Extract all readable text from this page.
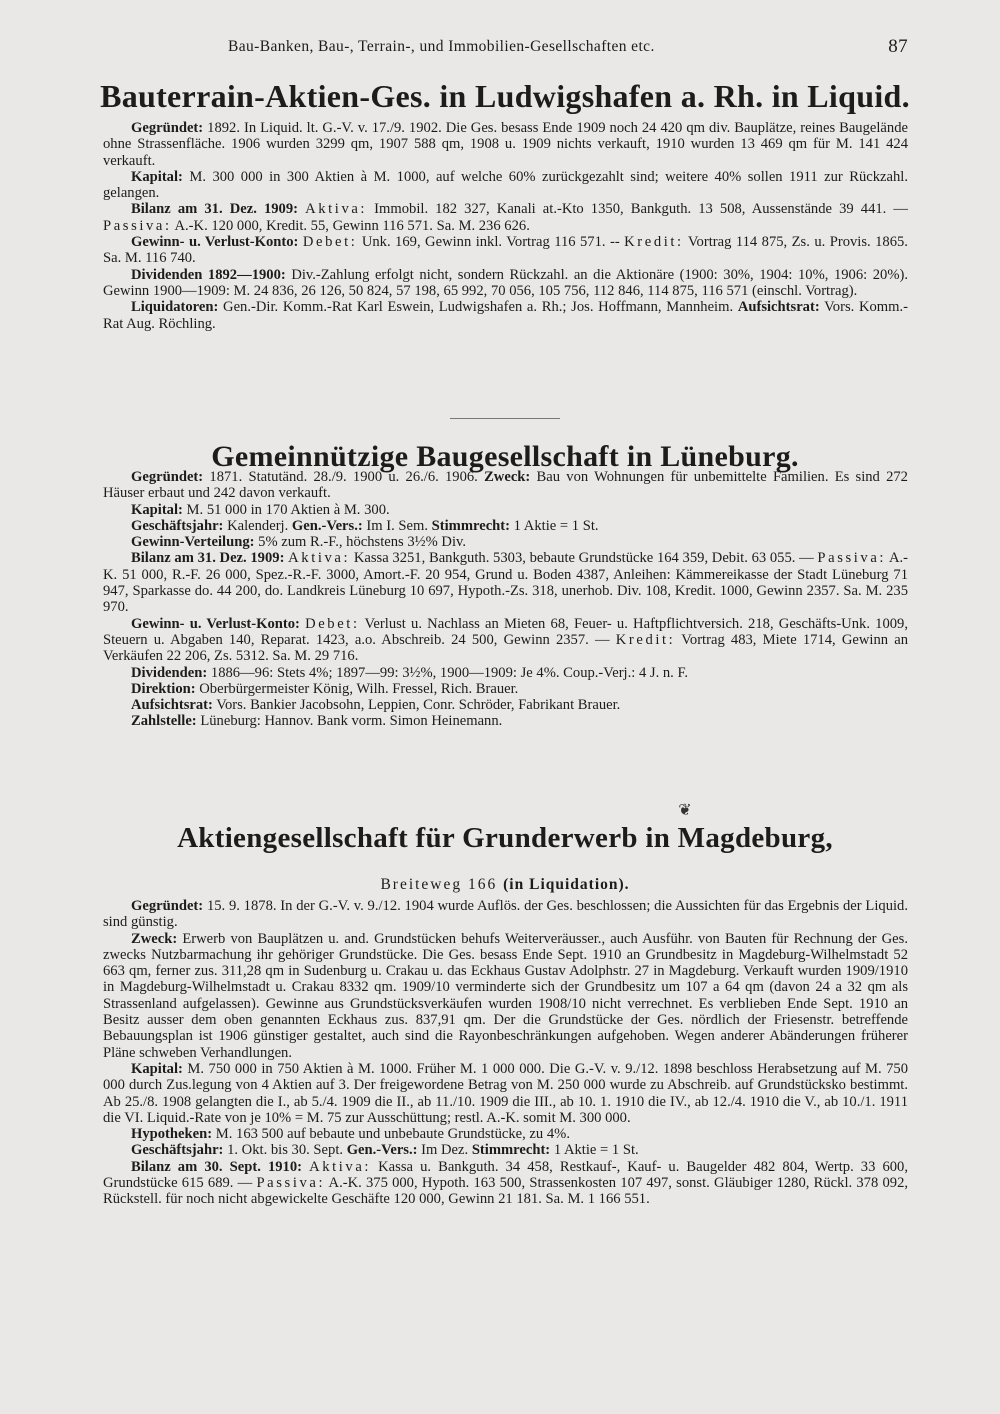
Bau-Banken, Bau-, Terrain-, und Immobilien-Gesellschaften etc.	87
Bauterrain-Aktien-Ges. in Ludwigshafen a. Rh. in Liquid.

Gegründet: 1892. In Liquid. lt. G.-V. v. 17./9. 1902. Die Ges. besass Ende 1909 noch 24 420 qm div. Bauplätze, reines Baugelände ohne Strassenfläche. 1906 wurden 3299 qm, 1907 588 qm, 1908 u. 1909 nichts verkauft, 1910 wurden 13 469 qm für M. 141 424 verkauft.

Kapital: M. 300 000 in 300 Aktien à M. 1000, auf welche 60% zurückgezahlt sind; weitere 40% sollen 1911 zur Rückzahl. gelangen.

Bilanz am 31. Dez. 1909: Aktiva: Immobil. 182 327, Kanali at.-Kto 1350, Bankguth. 13 508, Aussenstände 39 441. — Passiva: A.-K. 120 000, Kredit. 55, Gewinn 116 571. Sa. M. 236 626.

Gewinn- u. Verlust-Konto: Debet: Unk. 169, Gewinn inkl. Vortrag 116 571. -- Kredit: Vortrag 114 875, Zs. u. Provis. 1865. Sa. M. 116 740.

Dividenden 1892—1900: Div.-Zahlung erfolgt nicht, sondern Rückzahl. an die Aktionäre (1900: 30%, 1904: 10%, 1906: 20%). Gewinn 1900—1909: M. 24 836, 26 126, 50 824, 57 198, 65 992, 70 056, 105 756, 112 846, 114 875, 116 571 (einschl. Vortrag).

Liquidatoren: Gen.-Dir. Komm.-Rat Karl Eswein, Ludwigshafen a. Rh.; Jos. Hoffmann, Mannheim. Aufsichtsrat: Vors. Komm.-Rat Aug. Röchling.

Gemeinnützige Baugesellschaft in Lüneburg.

Gegründet: 1871. Statutänd. 28./9. 1900 u. 26./6. 1906. Zweck: Bau von Wohnungen für unbemittelte Familien. Es sind 272 Häuser erbaut und 242 davon verkauft.

Kapital: M. 51 000 in 170 Aktien à M. 300.

Geschäftsjahr: Kalenderj. Gen.-Vers.: Im I. Sem. Stimmrecht: 1 Aktie = 1 St.

Gewinn-Verteilung: 5% zum R.-F., höchstens 3½% Div.

Bilanz am 31. Dez. 1909: Aktiva: Kassa 3251, Bankguth. 5303, bebaute Grundstücke 164 359, Debit. 63 055. — Passiva: A.-K. 51 000, R.-F. 26 000, Spez.-R.-F. 3000, Amort.-F. 20 954, Grund u. Boden 4387, Anleihen: Kämmereikasse der Stadt Lüneburg 71 947, Sparkasse do. 44 200, do. Landkreis Lüneburg 10 697, Hypoth.-Zs. 318, unerhob. Div. 108, Kredit. 1000, Gewinn 2357. Sa. M. 235 970.

Gewinn- u. Verlust-Konto: Debet: Verlust u. Nachlass an Mieten 68, Feuer- u. Haftpflichtversich. 218, Geschäfts-Unk. 1009, Steuern u. Abgaben 140, Reparat. 1423, a.o. Abschreib. 24 500, Gewinn 2357. — Kredit: Vortrag 483, Miete 1714, Gewinn an Verkäufen 22 206, Zs. 5312. Sa. M. 29 716.

Dividenden: 1886—96: Stets 4%; 1897—99: 3½%, 1900—1909: Je 4%. Coup.-Verj.: 4 J. n. F.

Direktion: Oberbürgermeister König, Wilh. Fressel, Rich. Brauer.

Aufsichtsrat: Vors. Bankier Jacobsohn, Leppien, Conr. Schröder, Fabrikant Brauer.

Zahlstelle: Lüneburg: Hannov. Bank vorm. Simon Heinemann.

❦
Aktiengesellschaft für Grunderwerb in Magdeburg,
Breiteweg 166 (in Liquidation).

Gegründet: 15. 9. 1878. In der G.-V. v. 9./12. 1904 wurde Auflös. der Ges. beschlossen; die Aussichten für das Ergebnis der Liquid. sind günstig.

Zweck: Erwerb von Bauplätzen u. and. Grundstücken behufs Weiterveräusser., auch Ausführ. von Bauten für Rechnung der Ges. zwecks Nutzbarmachung ihr gehöriger Grundstücke. Die Ges. besass Ende Sept. 1910 an Grundbesitz in Magdeburg-Wilhelmstadt 52 663 qm, ferner zus. 311,28 qm in Sudenburg u. Crakau u. das Eckhaus Gustav Adolphstr. 27 in Magdeburg. Verkauft wurden 1909/1910 in Magdeburg-Wilhelmstadt u. Crakau 8332 qm. 1909/10 verminderte sich der Grundbesitz um 107 a 64 qm (davon 24 a 32 qm als Strassenland aufgelassen). Gewinne aus Grundstücksverkäufen wurden 1908/10 nicht verrechnet. Es verblieben Ende Sept. 1910 an Besitz ausser dem oben genannten Eckhaus zus. 837,91 qm. Der die Grundstücke der Ges. nördlich der Friesenstr. betreffende Bebauungsplan ist 1906 günstiger gestaltet, auch sind die Rayonbeschränkungen aufgehoben. Wegen anderer Abänderungen früherer Pläne schweben Verhandlungen.

Kapital: M. 750 000 in 750 Aktien à M. 1000. Früher M. 1 000 000. Die G.-V. v. 9./12. 1898 beschloss Herabsetzung auf M. 750 000 durch Zus.legung von 4 Aktien auf 3. Der freigewordene Betrag von M. 250 000 wurde zu Abschreib. auf Grundstücksko bestimmt. Ab 25./8. 1908 gelangten die I., ab 5./4. 1909 die II., ab 11./10. 1909 die III., ab 10. 1. 1910 die IV., ab 12./4. 1910 die V., ab 10./1. 1911 die VI. Liquid.-Rate von je 10% = M. 75 zur Ausschüttung; restl. A.-K. somit M. 300 000.

Hypotheken: M. 163 500 auf bebaute und unbebaute Grundstücke, zu 4%.

Geschäftsjahr: 1. Okt. bis 30. Sept. Gen.-Vers.: Im Dez. Stimmrecht: 1 Aktie = 1 St.

Bilanz am 30. Sept. 1910: Aktiva: Kassa u. Bankguth. 34 458, Restkauf-, Kauf- u. Baugelder 482 804, Wertp. 33 600, Grundstücke 615 689. — Passiva: A.-K. 375 000, Hypoth. 163 500, Strassenkosten 107 497, sonst. Gläubiger 1280, Rückl. 378 092, Rückstell. für noch nicht abgewickelte Geschäfte 120 000, Gewinn 21 181. Sa. M. 1 166 551.
